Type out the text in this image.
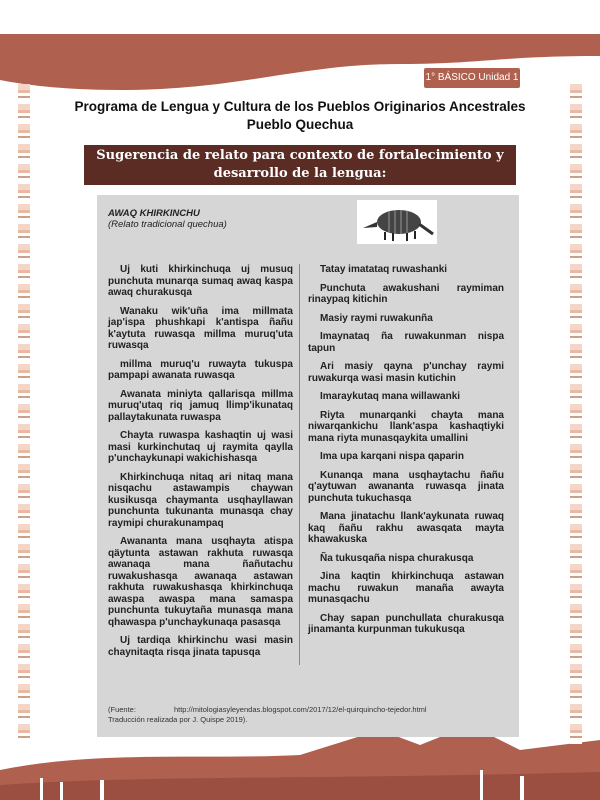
1° BÁSICO Unidad 1
Programa de Lengua y Cultura de los Pueblos Originarios Ancestrales
Pueblo Quechua
Sugerencia de relato para contexto de fortalecimiento y desarrollo de la lengua:
AWAQ KHIRKINCHU
(Relato tradicional quechua)

Uj kuti khirkinchuqa uj musuq punchuta munarqa sumaq awaq kaspa awaq churakusqa

Wanaku wik'uña ima millmata jap'ispa phushkapi k'antispa ñañu k'aytuta ruwasqa millma muruq'uta ruwasqa

millma muruq'u ruwayta tukuspa pampapi awanata ruwasqa

Awanata miniyta qallarisqa millma muruq'utaq riq jamuq llimp'ikunataq pallaytakunata ruwaspa

Chayta ruwaspa kashaqtin uj wasi masi kurkinchutaq uj raymita qaylla p'unchaykunapi wakichishasqa

Khirkinchuqa nitaq ari nitaq mana nisqachu astawampis chaywan kusikusqa chaymanta usqhayllawan punchunta tukunanta munasqa chay raymipi churakunampaq

Awananta mana usqhayta atispa qäytunta astawan rakhuta ruwasqa awanaqa mana ñañutachu ruwakushasqa awanaqa astawan rakhuta ruwakushasqa khirkinchuqa awaspa awaspa mana samaspa punchunta tukuytaña munasqa mana qhawaspa p'unchaykunaqa pasasqa

Uj tardiqa khirkinchu wasi masin chaynitaqta risqa jinata tapusqa

Tatay imatataq ruwashanki

Punchuta awakushani raymiman rinaypaq kitichin

Masiy raymi ruwakunña

Imaynataq ña ruwakunman nispa tapun

Ari masiy qayna p'unchay raymi ruwakurqa wasi masin kutichin

Imaraykutaq mana willawanki

Riyta munarqanki chayta mana niwarqankichu llank'aspa kashaqtiyki mana riyta munasqaykita umallini

Ima upa karqani nispa qaparin

Kunanqa mana usqhaytachu ñañu q'aytuwan awananta ruwasqa jinata punchuta tukuchasqa

Mana jinatachu llank'aykunata ruwaq kaq ñañu rakhu awasqata mayta khawakuska

Ña tukusqaña nispa churakusqa

Jina kaqtin khirkinchuqa astawan machu ruwakun manaña awayta munasqachu

Chay sapan punchullata churakusqa jinamanta kurpunman tukukusqa

(Fuente:	http://mitologiasyleyendas.blogspot.com/2017/12/el-quirquincho-tejedor.html
Traducción realizada por J. Quispe 2019).
